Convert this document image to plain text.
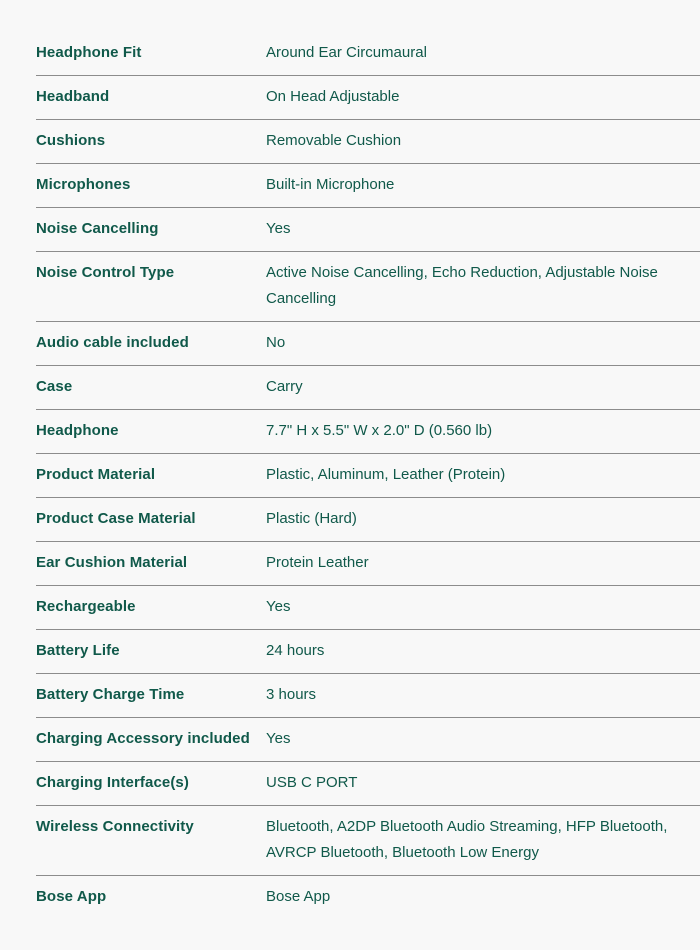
Headphone Fit	Around Ear Circumaural
Headband	On Head Adjustable
Cushions	Removable Cushion
Microphones	Built-in Microphone
Noise Cancelling	Yes
Noise Control Type	Active Noise Cancelling, Echo Reduction, Adjustable Noise Cancelling
Audio cable included	No
Case	Carry
Headphone	7.7" H x 5.5" W x 2.0" D (0.560 lb)
Product Material	Plastic, Aluminum, Leather (Protein)
Product Case Material	Plastic (Hard)
Ear Cushion Material	Protein Leather
Rechargeable	Yes
Battery Life	24 hours
Battery Charge Time	3 hours
Charging Accessory included	Yes
Charging Interface(s)	USB C PORT
Wireless Connectivity	Bluetooth, A2DP Bluetooth Audio Streaming, HFP Bluetooth, AVRCP Bluetooth, Bluetooth Low Energy
Bose App	Bose App
